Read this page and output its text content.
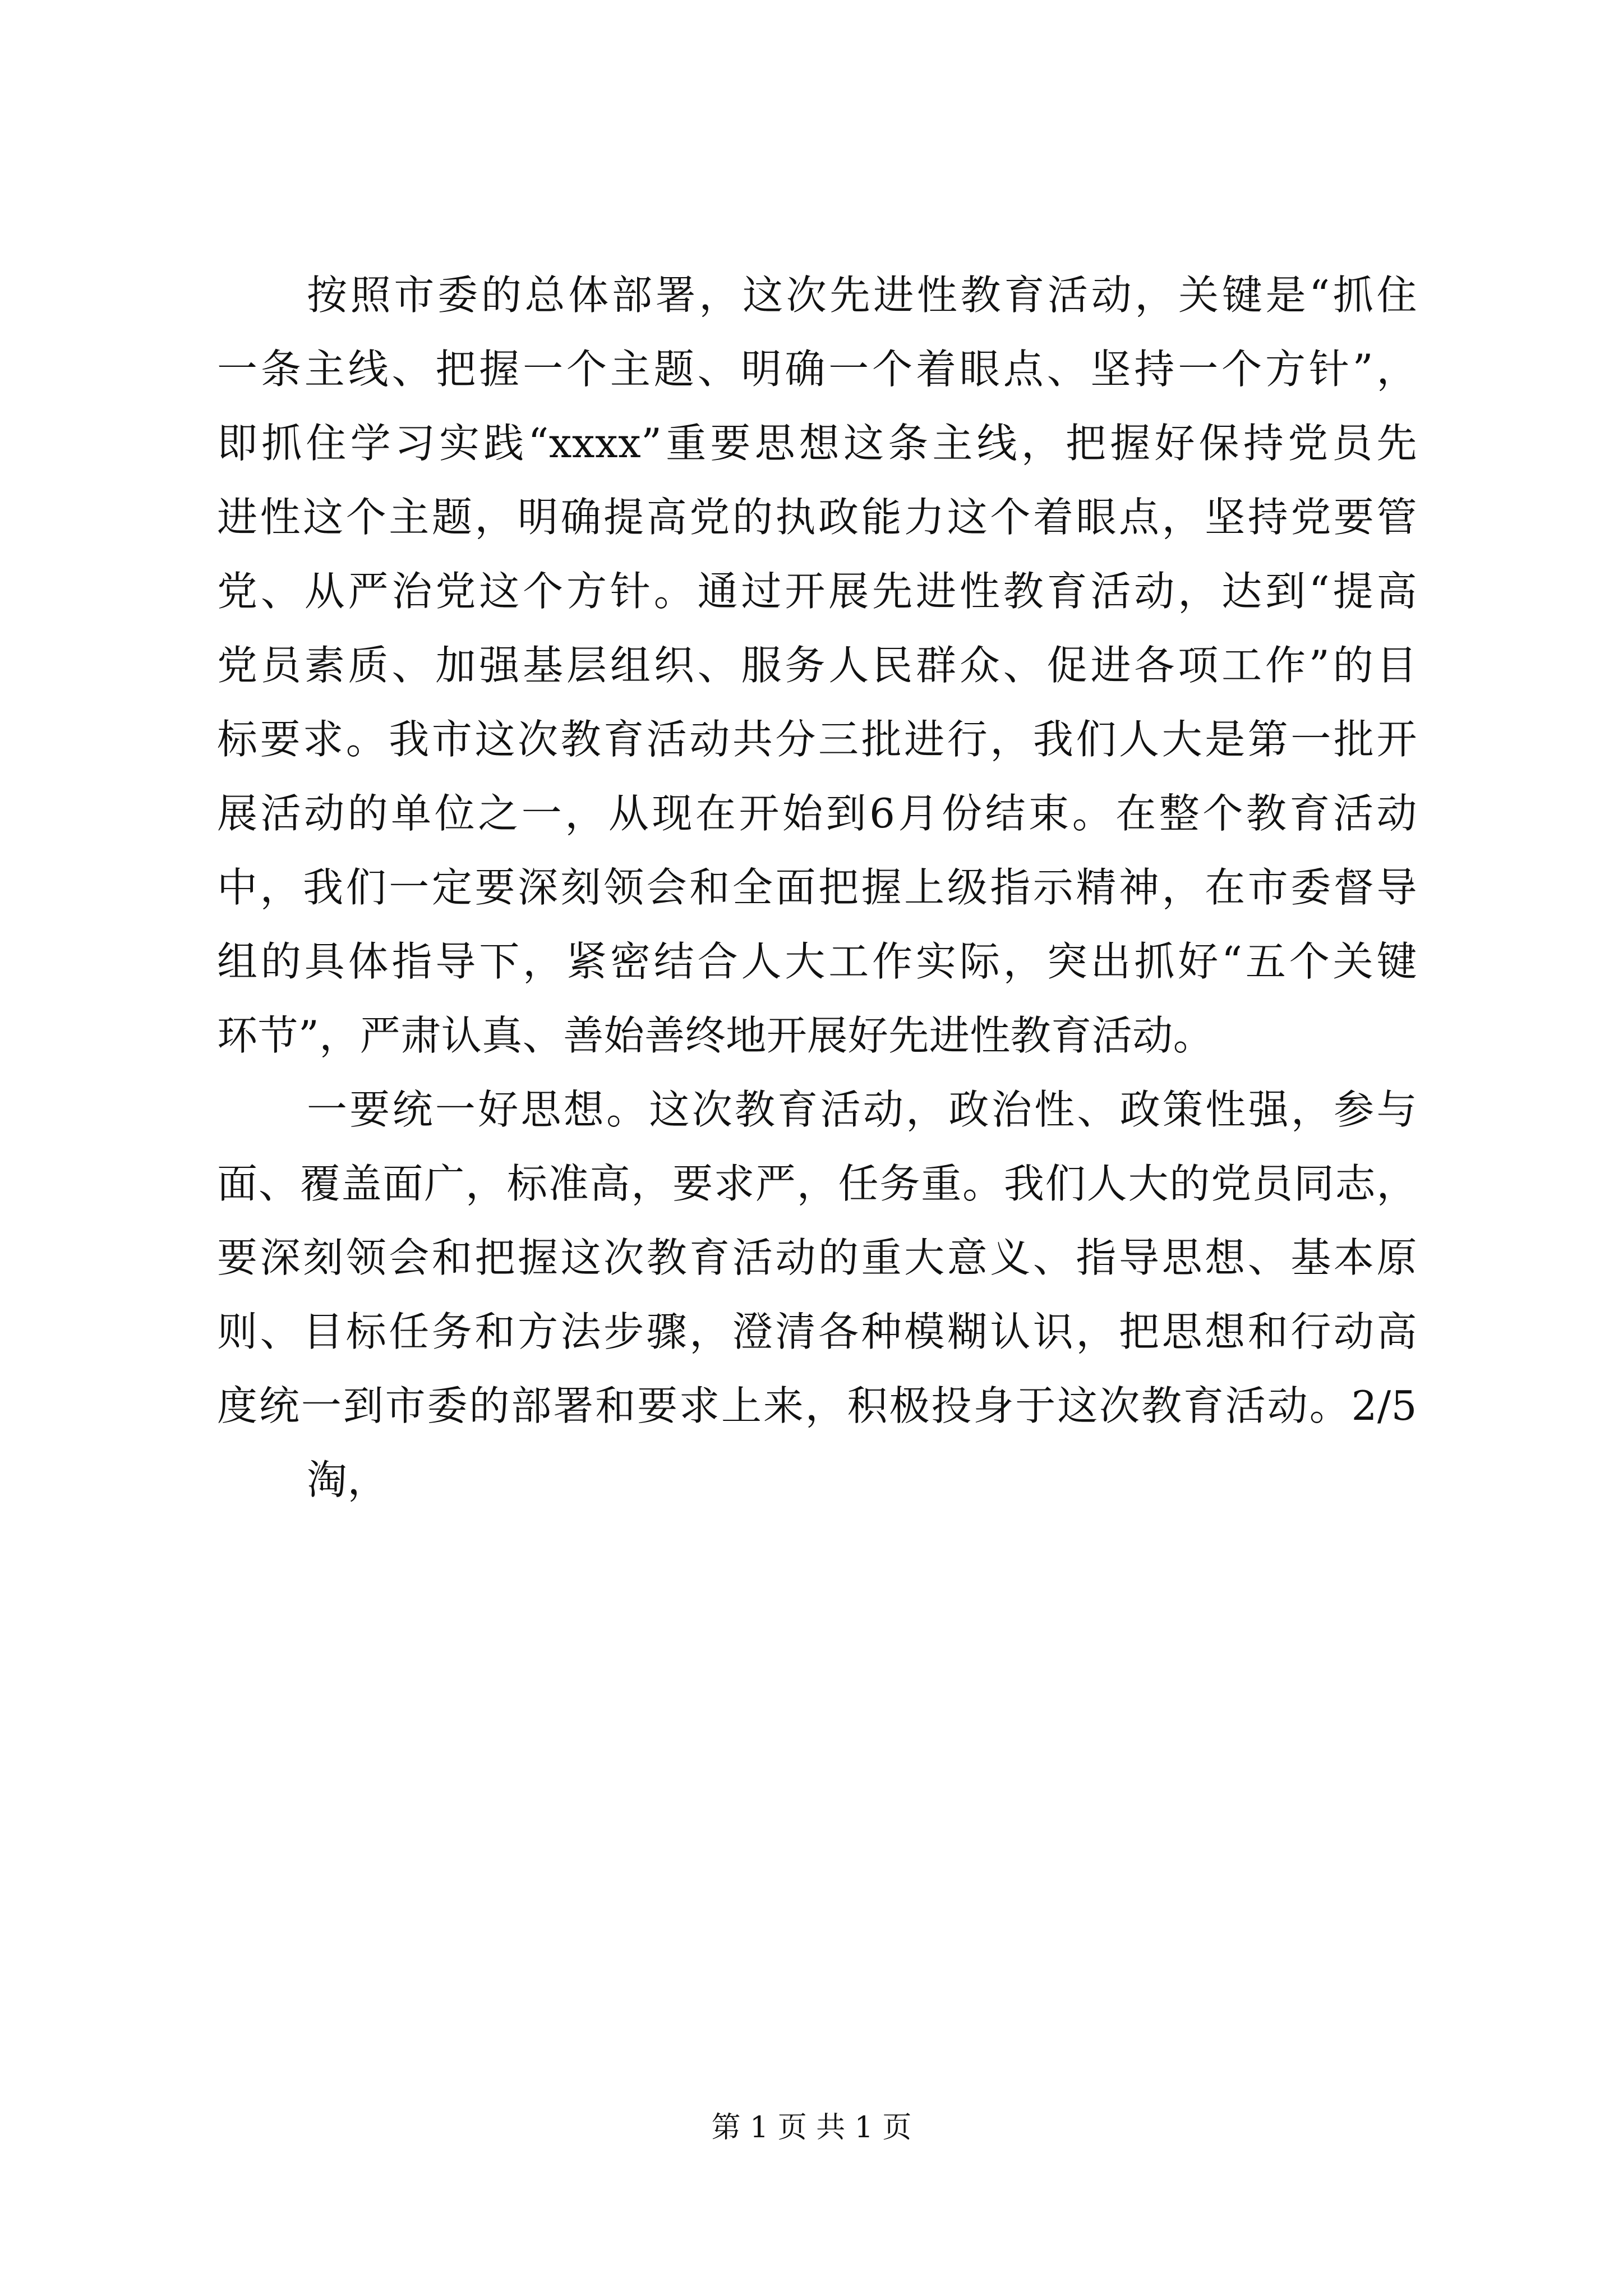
按照市委的总体部署，这次先进性教育活动，关键是“抓住
一条主线、把握一个主题、明确一个着眼点、坚持一个方针”，
即抓住学习实践“xxxx”重要思想这条主线，把握好保持党员先
进性这个主题，明确提高党的执政能力这个着眼点，坚持党要管
党、从严治党这个方针。通过开展先进性教育活动，达到“提高
党员素质、加强基层组织、服务人民群众、促进各项工作”的目
标要求。我市这次教育活动共分三批进行，我们人大是第一批开
展活动的单位之一，从现在开始到6月份结束。在整个教育活动
中，我们一定要深刻领会和全面把握上级指示精神，在市委督导
组的具体指导下，紧密结合人大工作实际，突出抓好“五个关键
环节”，严肃认真、善始善终地开展好先进性教育活动。
一要统一好思想。这次教育活动，政治性、政策性强，参与
面、覆盖面广，标准高，要求严，任务重。我们人大的党员同志，
要深刻领会和把握这次教育活动的重大意义、指导思想、基本原
则、目标任务和方法步骤，澄清各种模糊认识，把思想和行动高
度统一到市委的部署和要求上来，积极投身于这次教育活动。2/5
淘，
第 1 页 共 1 页
